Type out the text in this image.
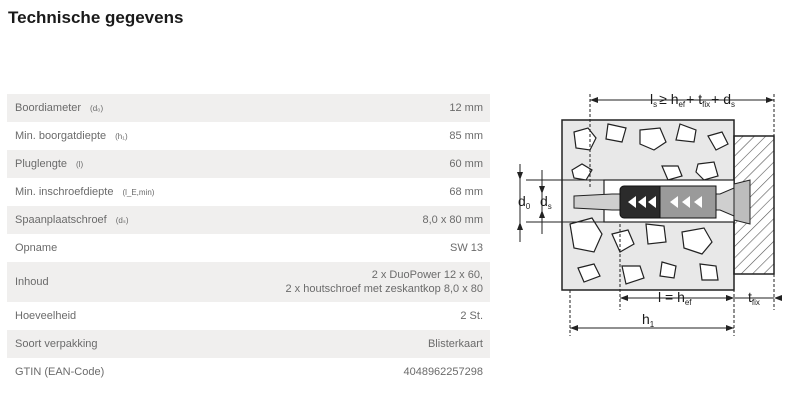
Technische gegevens
Boordiameter (d₀)	12 mm
Min. boorgatdiepte (h₁)	85 mm
Pluglengte (l)	60 mm
Min. inschroefdiepte (l_E,min)	68 mm
Spaanplaatschroef (dₛ)	8,0 x 80 mm
Opname	SW 13
Inhoud
2 x DuoPower 12 x 60,
2 x houtschroef met zeskantkop 8,0 x 80
Hoeveelheid	2 St.
Soort verpakking	Blisterkaart
GTIN (EAN-Code)	4048962257298
$l_s \ge h_{ef}+ t_{fix}+ d_s$
$d_0$ $d_s$
$l = h_{ef}$	$t_{fix}$
$h_1$
